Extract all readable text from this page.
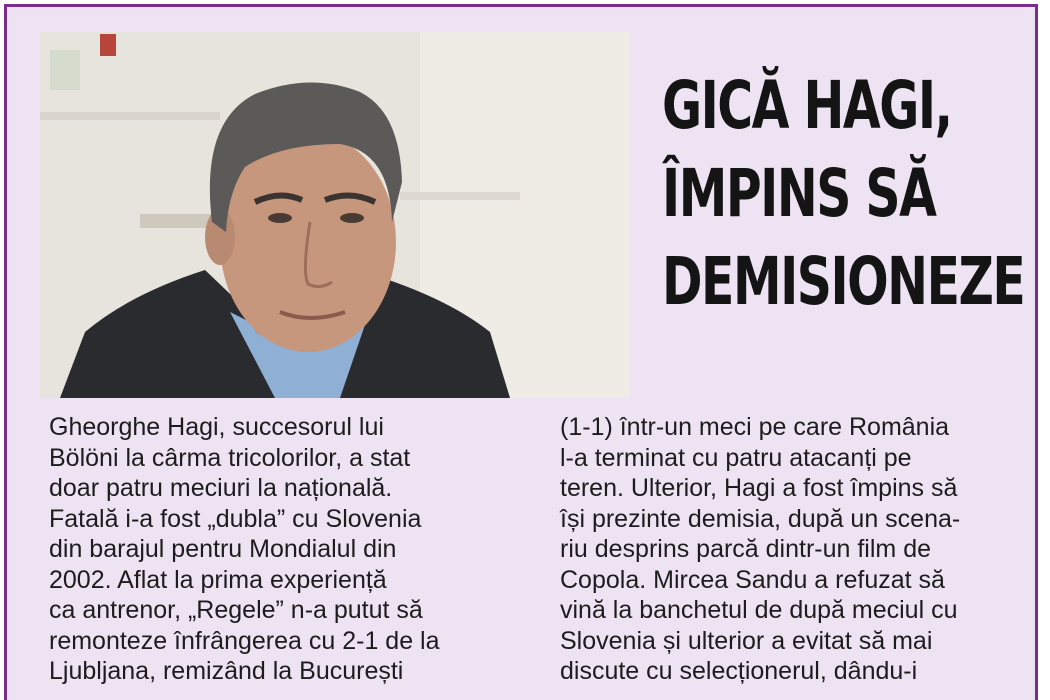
GICĂ HAGI,
ÎMPINS SĂ
DEMISIONEZE
Gheorghe Hagi, succesorul lui
Bölöni la cârma tricolorilor, a stat
doar patru meciuri la națională.
Fatală i-a fost „dubla” cu Slovenia
din barajul pentru Mondialul din
2002. Aflat la prima experiență
ca antrenor, „Regele” n-a putut să
remonteze înfrângerea cu 2-1 de la
Ljubljana, remizând la București
(1-1) într-un meci pe care România
l-a terminat cu patru atacanți pe
teren. Ulterior, Hagi a fost împins să
își prezinte demisia, după un scena-
riu desprins parcă dintr-un film de
Copola. Mircea Sandu a refuzat să
vină la banchetul de după meciul cu
Slovenia și ulterior a evitat să mai
discute cu selecționerul, dându-i
